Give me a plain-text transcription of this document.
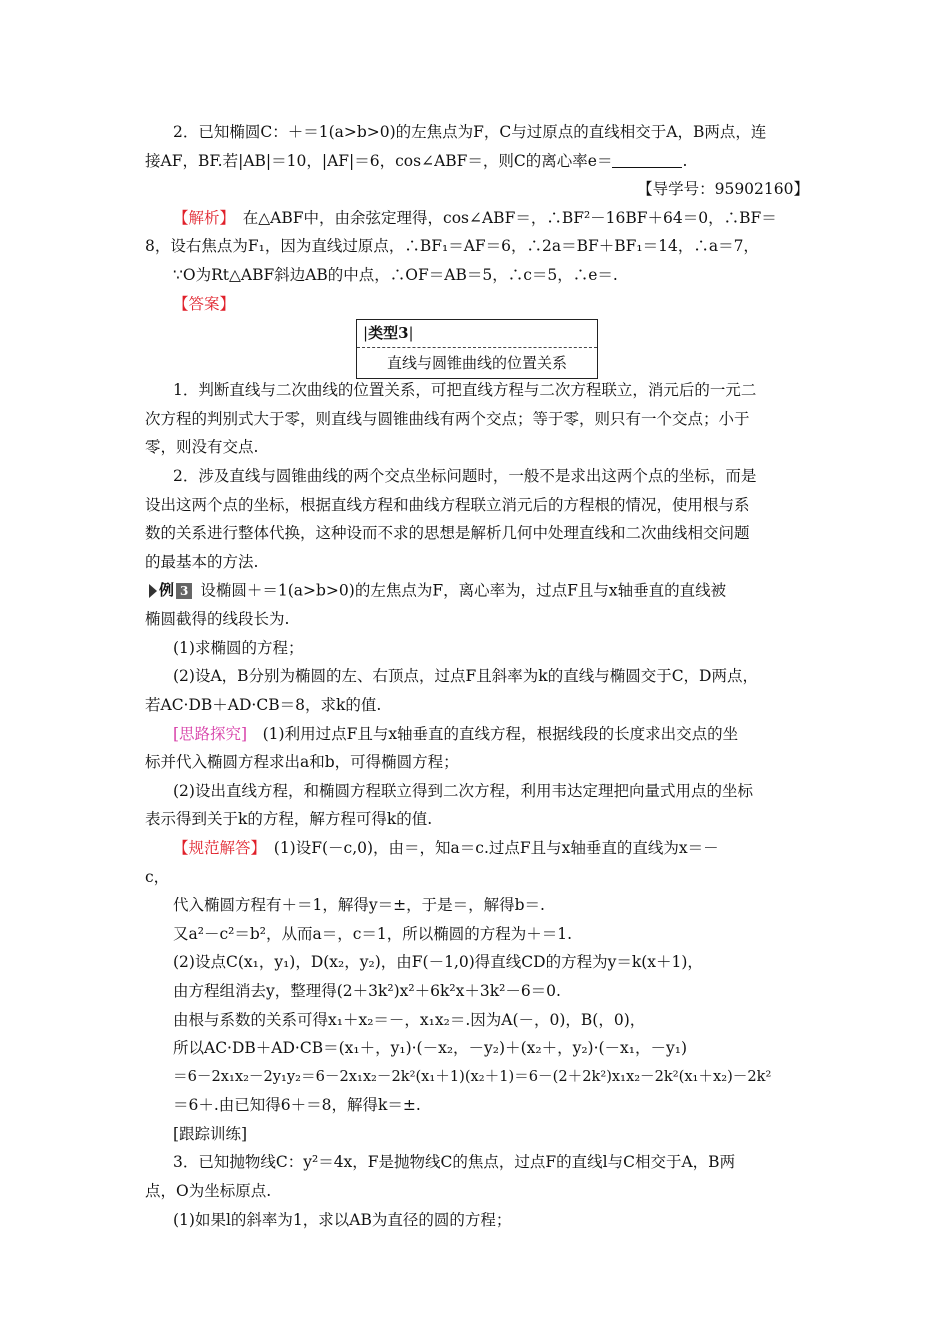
2．已知椭圆C：＋＝1(a>b>0)的左焦点为F，C与过原点的直线相交于A，B两点，连
接AF，BF.若|AB|＝10，|AF|＝6，cos∠ABF＝，则C的离心率e＝	.
【导学号：95902160】
【解析】　在△ABF中，由余弦定理得，cos∠ABF＝，∴BF²－16BF＋64＝0，∴BF＝
8，设右焦点为F₁，因为直线过原点，∴BF₁＝AF＝6，∴2a＝BF＋BF₁＝14，∴a＝7，
∵O为Rt△ABF斜边AB的中点，∴OF＝AB＝5，∴c＝5，∴e＝.
【答案】
|类型3|
直线与圆锥曲线的位置关系
1．判断直线与二次曲线的位置关系，可把直线方程与二次方程联立，消元后的一元二
次方程的判别式大于零，则直线与圆锥曲线有两个交点；等于零，则只有一个交点；小于
零，则没有交点.
2．涉及直线与圆锥曲线的两个交点坐标问题时，一般不是求出这两个点的坐标，而是
设出这两个点的坐标，根据直线方程和曲线方程联立消元后的方程根的情况，使用根与系
数的关系进行整体代换，这种设而不求的思想是解析几何中处理直线和二次曲线相交问题
的最基本的方法.
例 3 设椭圆＋＝1(a>b>0)的左焦点为F，离心率为，过点F且与x轴垂直的直线被
椭圆截得的线段长为.
(1)求椭圆的方程；
(2)设A，B分别为椭圆的左、右顶点，过点F且斜率为k的直线与椭圆交于C，D两点，
若AC·DB＋AD·CB＝8，求k的值.
[思路探究]　(1)利用过点F且与x轴垂直的直线方程，根据线段的长度求出交点的坐
标并代入椭圆方程求出a和b，可得椭圆方程；
(2)设出直线方程，和椭圆方程联立得到二次方程，利用韦达定理把向量式用点的坐标
表示得到关于k的方程，解方程可得k的值.
【规范解答】　(1)设F(－c,0)，由＝，知a＝c.过点F且与x轴垂直的直线为x＝－
c，
代入椭圆方程有＋＝1，解得y＝±，于是＝，解得b＝.
又a²－c²＝b²，从而a＝，c＝1，所以椭圆的方程为＋＝1.
(2)设点C(x₁，y₁)，D(x₂，y₂)，由F(－1,0)得直线CD的方程为y＝k(x＋1)，
由方程组消去y，整理得(2＋3k²)x²＋6k²x＋3k²－6＝0.
由根与系数的关系可得x₁＋x₂＝－，x₁x₂＝.因为A(－，0)，B(，0)，
所以AC·DB＋AD·CB＝(x₁＋，y₁)·(－x₂，－y₂)＋(x₂＋，y₂)·(－x₁，－y₁)
＝6－2x₁x₂－2y₁y₂＝6－2x₁x₂－2k²(x₁＋1)(x₂＋1)＝6－(2＋2k²)x₁x₂－2k²(x₁＋x₂)－2k²
＝6＋.由已知得6＋＝8，解得k＝±.
[跟踪训练]
3．已知抛物线C：y²＝4x，F是抛物线C的焦点，过点F的直线l与C相交于A，B两
点，O为坐标原点.
(1)如果l的斜率为1，求以AB为直径的圆的方程；
